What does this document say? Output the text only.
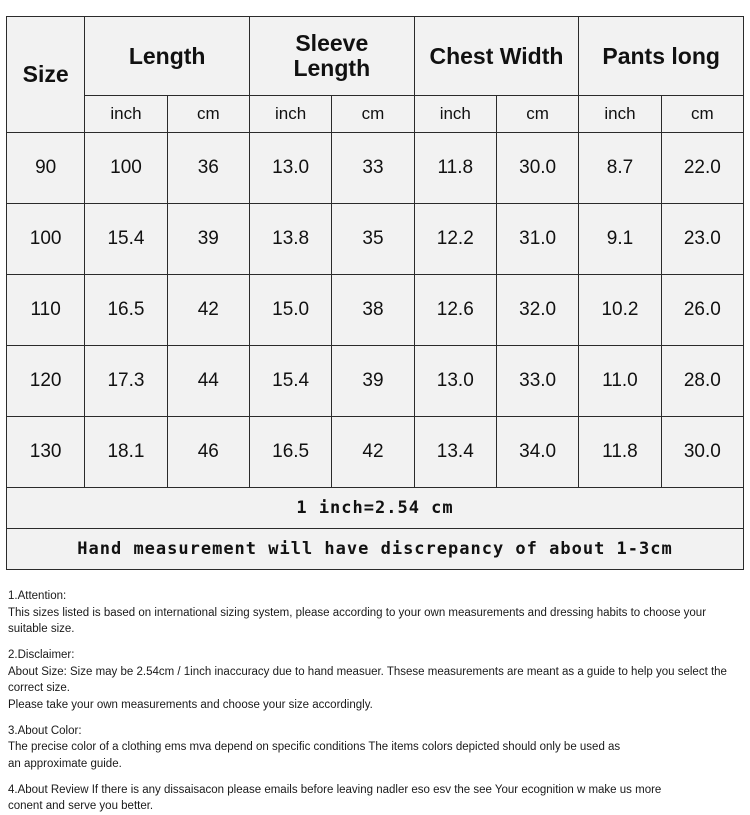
Size	Length		Sleeve Length		Chest Width		Pants long	
	inch	cm	inch	cm	inch	cm	inch	cm
90	100	36	13.0	33	11.8	30.0	8.7	22.0
100	15.4	39	13.8	35	12.2	31.0	9.1	23.0
110	16.5	42	15.0	38	12.6	32.0	10.2	26.0
120	17.3	44	15.4	39	13.0	33.0	11.0	28.0
130	18.1	46	16.5	42	13.4	34.0	11.8	30.0
1 inch=2.54 cm								
Hand measurement will have discrepancy of about 1-3cm								
1.Attention:
This sizes listed is based on international sizing system, please according to your own measurements and dressing habits to choose your suitable size.
2.Disclaimer:
About Size: Size may be 2.54cm / 1inch inaccuracy due to hand measuer. Thsese measurements are meant as a guide to help you select the correct size.
Please take your own measurements and choose your size accordingly.
3.About Color:
The precise color of a clothing ems mva depend on specific conditions The items colors depicted should only be used as
an approximate guide.
4.About Review If there is any dissaisacon please emails before leaving nadler eso esv the see Your ecognition w make us more
conent and serve you better.
